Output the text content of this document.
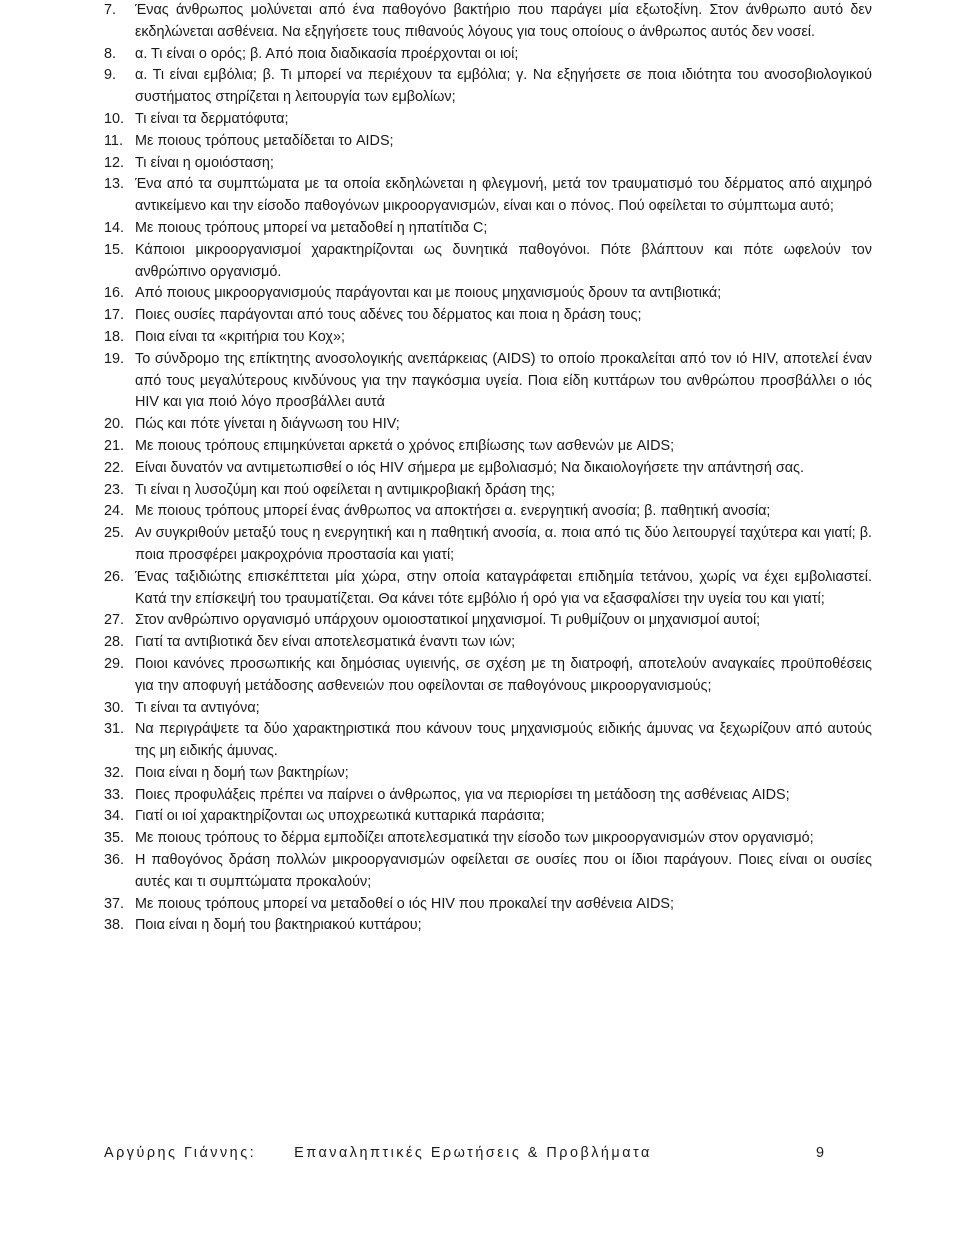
7.	Ένας άνθρωπος μολύνεται από ένα παθογόνο βακτήριο που παράγει μία εξωτοξίνη. Στον άνθρωπο αυτό δεν εκδηλώνεται ασθένεια. Να εξηγήσετε τους πιθανούς λόγους για τους οποίους ο άνθρωπος αυτός δεν νοσεί.
8.	α. Τι είναι ο ορός; β. Από ποια διαδικασία προέρχονται οι ιοί;
9.	α. Τι είναι εμβόλια; β. Τι μπορεί να περιέχουν τα εμβόλια; γ. Να εξηγήσετε σε ποια ιδιότητα του ανοσοβιολογικού συστήματος στηρίζεται η λειτουργία των εμβολίων;
10. Τι είναι τα δερματόφυτα;
11. Με ποιους τρόπους μεταδίδεται το AIDS;
12. Τι είναι η ομοιόσταση;
13. Ένα από τα συμπτώματα με τα οποία εκδηλώνεται η φλεγμονή, μετά τον τραυματισμό του δέρματος από αιχμηρό αντικείμενο και την είσοδο παθογόνων μικροοργανισμών, είναι και ο πόνος. Πού οφείλεται το σύμπτωμα αυτό;
14. Με ποιους τρόπους μπορεί να μεταδοθεί η ηπατίτιδα C;
15. Κάποιοι μικροοργανισμοί χαρακτηρίζονται ως δυνητικά παθογόνοι. Πότε βλάπτουν και πότε ωφελούν τον ανθρώπινο οργανισμό.
16. Από ποιους μικροοργανισμούς παράγονται και με ποιους μηχανισμούς δρουν τα αντιβιοτικά;
17. Ποιες ουσίες παράγονται από τους αδένες του δέρματος και ποια η δράση τους;
18. Ποια είναι τα «κριτήρια του Κοχ»;
19. Το σύνδρομο της επίκτητης ανοσολογικής ανεπάρκειας (AIDS) το οποίο προκαλείται από τον ιό HIV, αποτελεί έναν από τους μεγαλύτερους κινδύνους για την παγκόσμια υγεία. Ποια είδη κυττάρων του ανθρώπου προσβάλλει ο ιός HIV και για ποιό λόγο προσβάλλει αυτά
20. Πώς και πότε γίνεται η διάγνωση του HIV;
21. Με ποιους τρόπους επιμηκύνεται αρκετά ο χρόνος επιβίωσης των ασθενών με AIDS;
22. Είναι δυνατόν να αντιμετωπισθεί ο ιός HIV σήμερα με εμβολιασμό; Να δικαιολογήσετε την απάντησή σας.
23. Τι είναι η λυσοζύμη και πού οφείλεται η αντιμικροβιακή δράση της;
24. Με ποιους τρόπους μπορεί ένας άνθρωπος να αποκτήσει α. ενεργητική ανοσία; β. παθητική ανοσία;
25. Αν συγκριθούν μεταξύ τους η ενεργητική και η παθητική ανοσία, α. ποια από τις δύο λειτουργεί ταχύτερα και γιατί; β. ποια προσφέρει μακροχρόνια προστασία και γιατί;
26. Ένας ταξιδιώτης επισκέπτεται μία χώρα, στην οποία καταγράφεται επιδημία τετάνου, χωρίς να έχει εμβολιαστεί. Κατά την επίσκεψή του τραυματίζεται. Θα κάνει τότε εμβόλιο ή ορό για να εξασφαλίσει την υγεία του και γιατί;
27. Στον ανθρώπινο οργανισμό υπάρχουν ομοιοστατικοί μηχανισμοί. Τι ρυθμίζουν οι μηχανισμοί αυτοί;
28. Γιατί τα αντιβιοτικά δεν είναι αποτελεσματικά έναντι των ιών;
29. Ποιοι κανόνες προσωπικής και δημόσιας υγιεινής, σε σχέση με τη διατροφή, αποτελούν αναγκαίες προϋποθέσεις για την αποφυγή μετάδοσης ασθενειών που οφείλονται σε παθογόνους μικροοργανισμούς;
30. Τι είναι τα αντιγόνα;
31. Να περιγράψετε τα δύο χαρακτηριστικά που κάνουν τους μηχανισμούς ειδικής άμυνας να ξεχωρίζουν από αυτούς της μη ειδικής άμυνας.
32. Ποια είναι η δομή των βακτηρίων;
33. Ποιες προφυλάξεις πρέπει να παίρνει ο άνθρωπος, για να περιορίσει τη μετάδοση της ασθένειας AIDS;
34. Γιατί οι ιοί χαρακτηρίζονται ως υποχρεωτικά κυτταρικά παράσιτα;
35. Με ποιους τρόπους το δέρμα εμποδίζει αποτελεσματικά την είσοδο των μικροοργανισμών στον οργανισμό;
36. Η παθογόνος δράση πολλών μικροοργανισμών οφείλεται σε ουσίες που οι ίδιοι παράγουν. Ποιες είναι οι ουσίες αυτές και τι συμπτώματα προκαλούν;
37. Με ποιους τρόπους μπορεί να μεταδοθεί ο ιός HIV που προκαλεί την ασθένεια AIDS;
38. Ποια είναι η δομή του βακτηριακού κυττάρου;
Αργύρης Γιάννης:	Επαναληπτικές Ερωτήσεις & Προβλήματα	9
